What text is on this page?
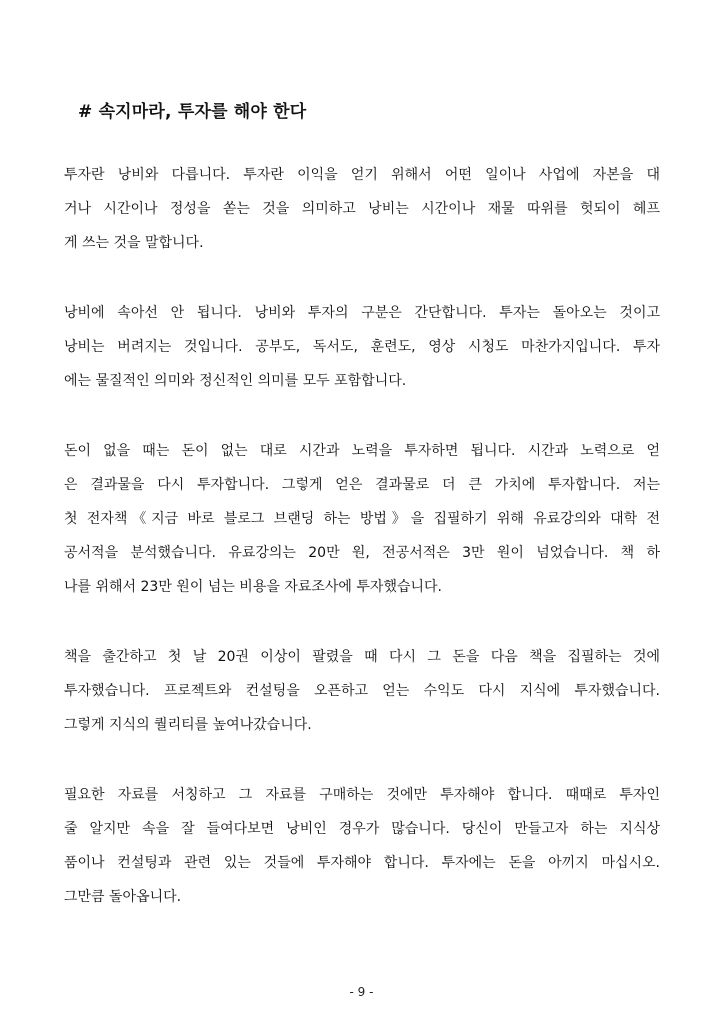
# 속지마라, 투자를 해야 한다
투자란 낭비와 다릅니다. 투자란 이익을 얻기 위해서 어떤 일이나 사업에 자본을 대
거나 시간이나 정성을 쏟는 것을 의미하고 낭비는 시간이나 재물 따위를 헛되이 헤프
게 쓰는 것을 말합니다.
낭비에 속아선 안 됩니다. 낭비와 투자의 구분은 간단합니다. 투자는 돌아오는 것이고
낭비는 버려지는 것입니다. 공부도, 독서도, 훈련도, 영상 시청도 마찬가지입니다. 투자
에는 물질적인 의미와 정신적인 의미를 모두 포함합니다.
돈이 없을 때는 돈이 없는 대로 시간과 노력을 투자하면 됩니다. 시간과 노력으로 얻
은 결과물을 다시 투자합니다. 그렇게 얻은 결과물로 더 큰 가치에 투자합니다. 저는
첫 전자책《지금 바로 블로그 브랜딩 하는 방법》을 집필하기 위해 유료강의와 대학 전
공서적을 분석했습니다. 유료강의는 20만 원, 전공서적은 3만 원이 넘었습니다. 책 하
나를 위해서 23만 원이 넘는 비용을 자료조사에 투자했습니다.
책을 출간하고 첫 날 20권 이상이 팔렸을 때 다시 그 돈을 다음 책을 집필하는 것에
투자했습니다. 프로젝트와 컨설팅을 오픈하고 얻는 수익도 다시 지식에 투자했습니다.
그렇게 지식의 퀄리티를 높여나갔습니다.
필요한 자료를 서칭하고 그 자료를 구매하는 것에만 투자해야 합니다. 때때로 투자인
줄 알지만 속을 잘 들여다보면 낭비인 경우가 많습니다. 당신이 만들고자 하는 지식상
품이나 컨설팅과 관련 있는 것들에 투자해야 합니다. 투자에는 돈을 아끼지 마십시오.
그만큼 돌아옵니다.
- 9 -
